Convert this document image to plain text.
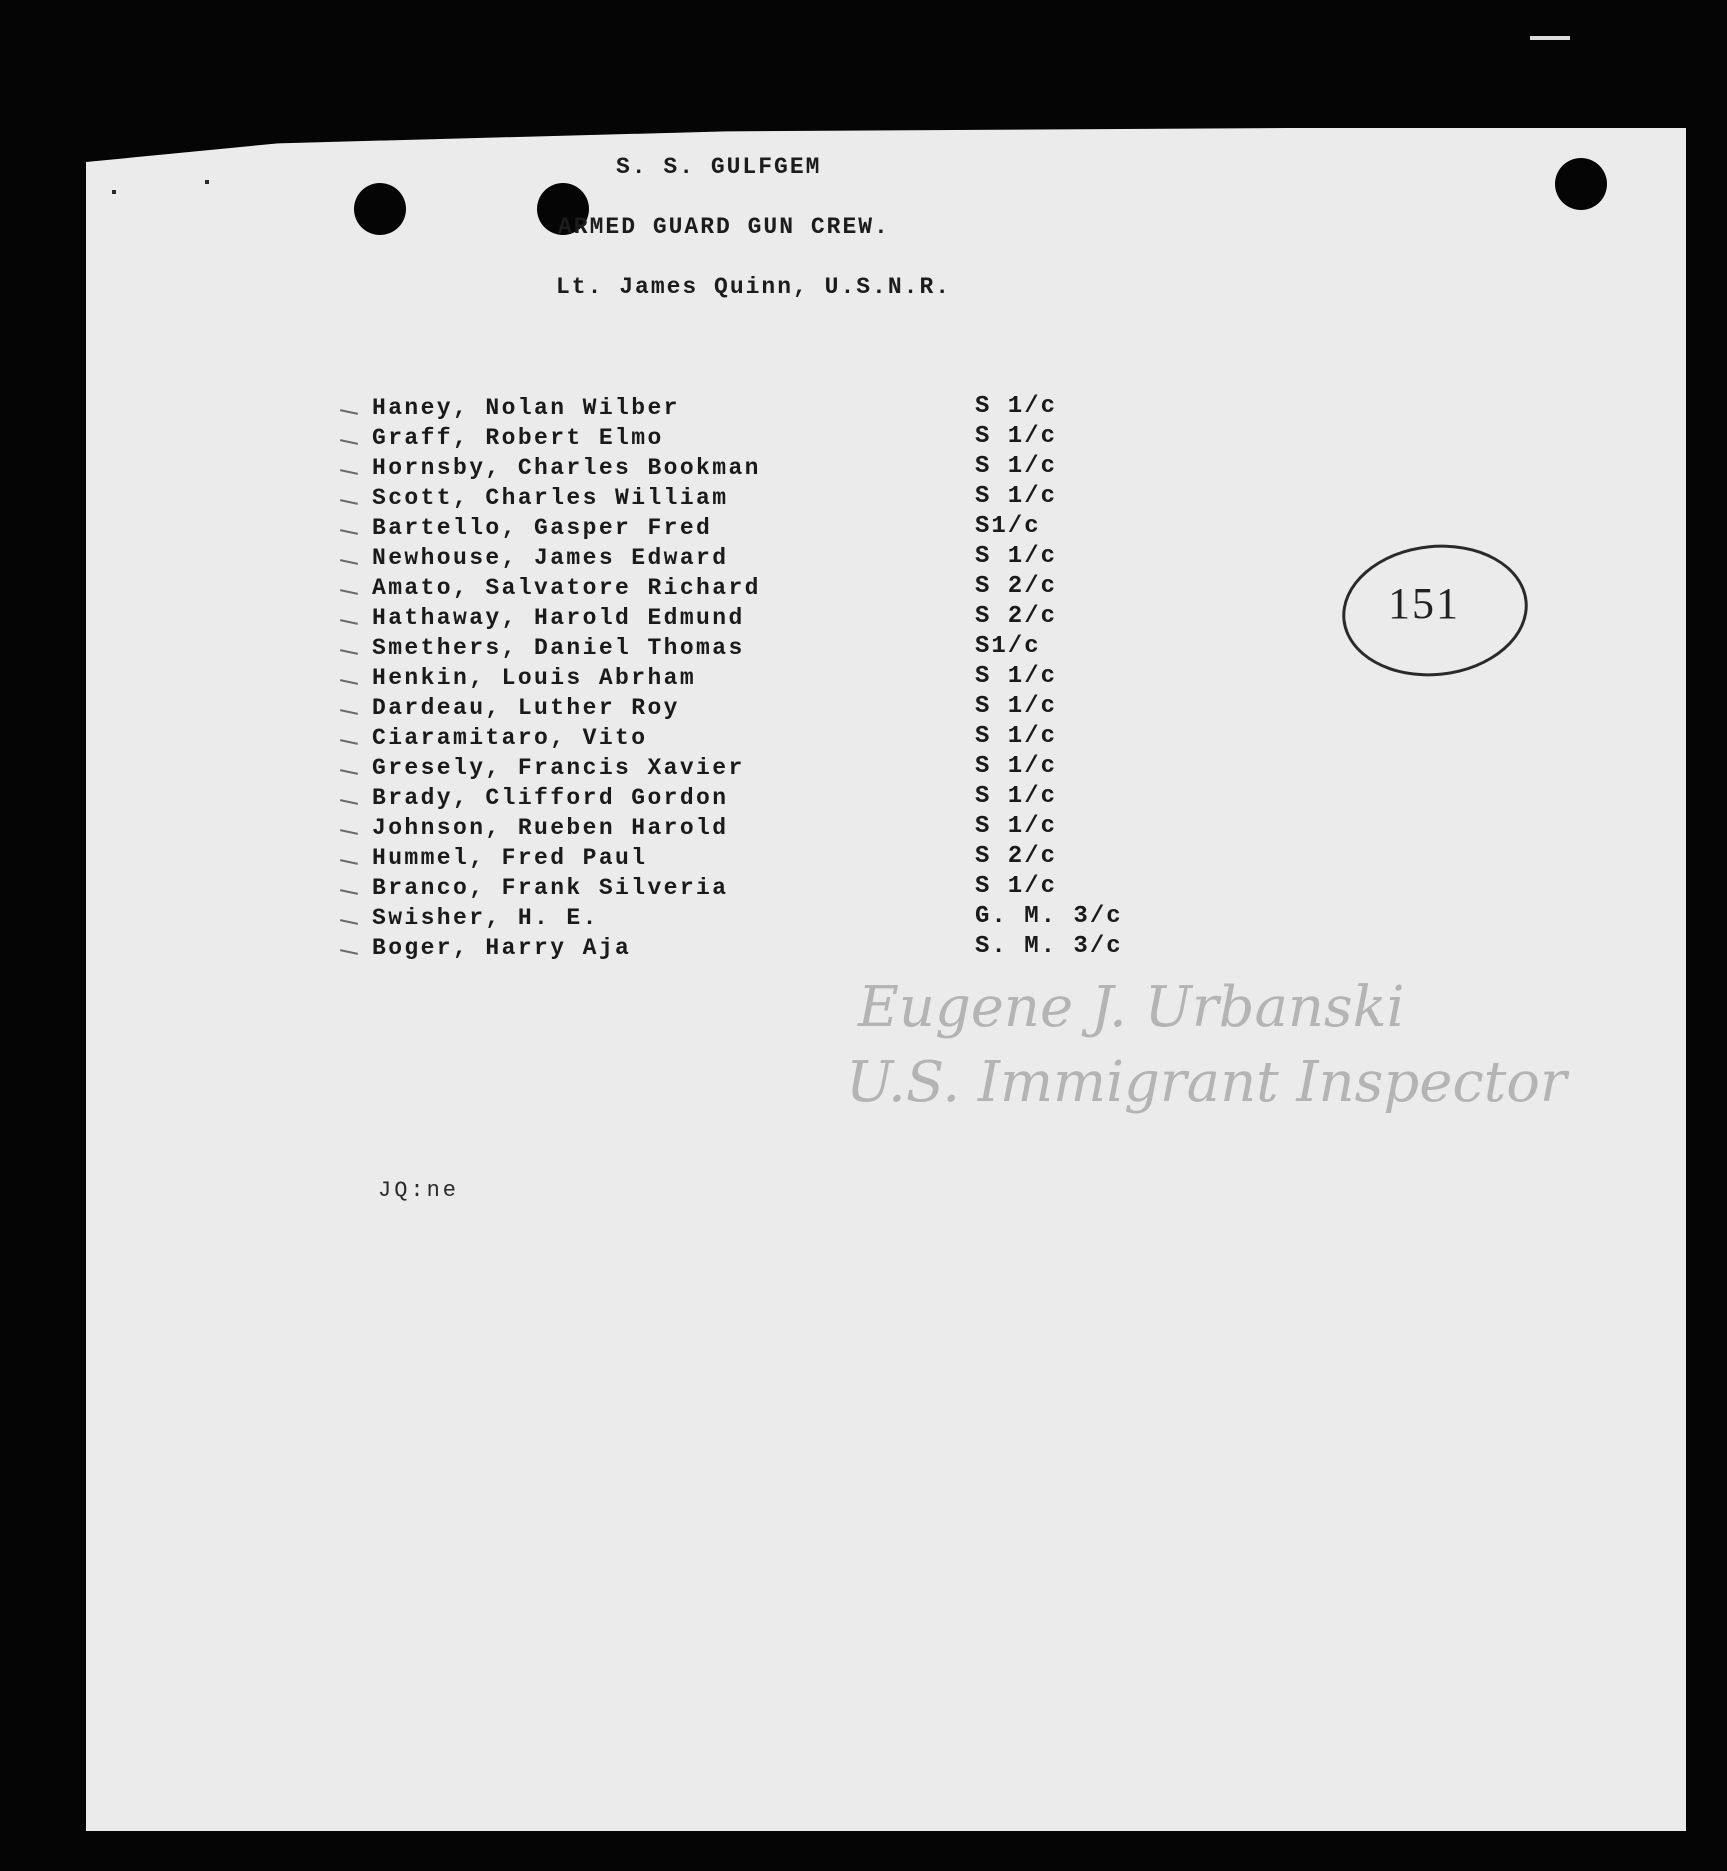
S. S. GULFGEM
ARMED GUARD GUN CREW.
Lt. James Quinn, U.S.N.R.
Haney, Nolan Wilber	S 1/c
Graff, Robert Elmo	S 1/c
Hornsby, Charles Bookman	S 1/c
Scott, Charles William	S 1/c
Bartello, Gasper Fred	S1/c
Newhouse, James Edward	S 1/c
Amato, Salvatore Richard	S 2/c
Hathaway, Harold Edmund	S 2/c
Smethers, Daniel Thomas	S1/c
Henkin, Louis Abrham	S 1/c
Dardeau, Luther Roy	S 1/c
Ciaramitaro, Vito	S 1/c
Gresely, Francis Xavier	S 1/c
Brady, Clifford Gordon	S 1/c
Johnson, Rueben Harold	S 1/c
Hummel, Fred Paul	S 2/c
Branco, Frank Silveria	S 1/c
Swisher, H. E.	G. M. 3/c
Boger, Harry Aja	S. M. 3/c
151
Eugene J. Urbanski
U.S. Immigrant Inspector
JQ:ne
